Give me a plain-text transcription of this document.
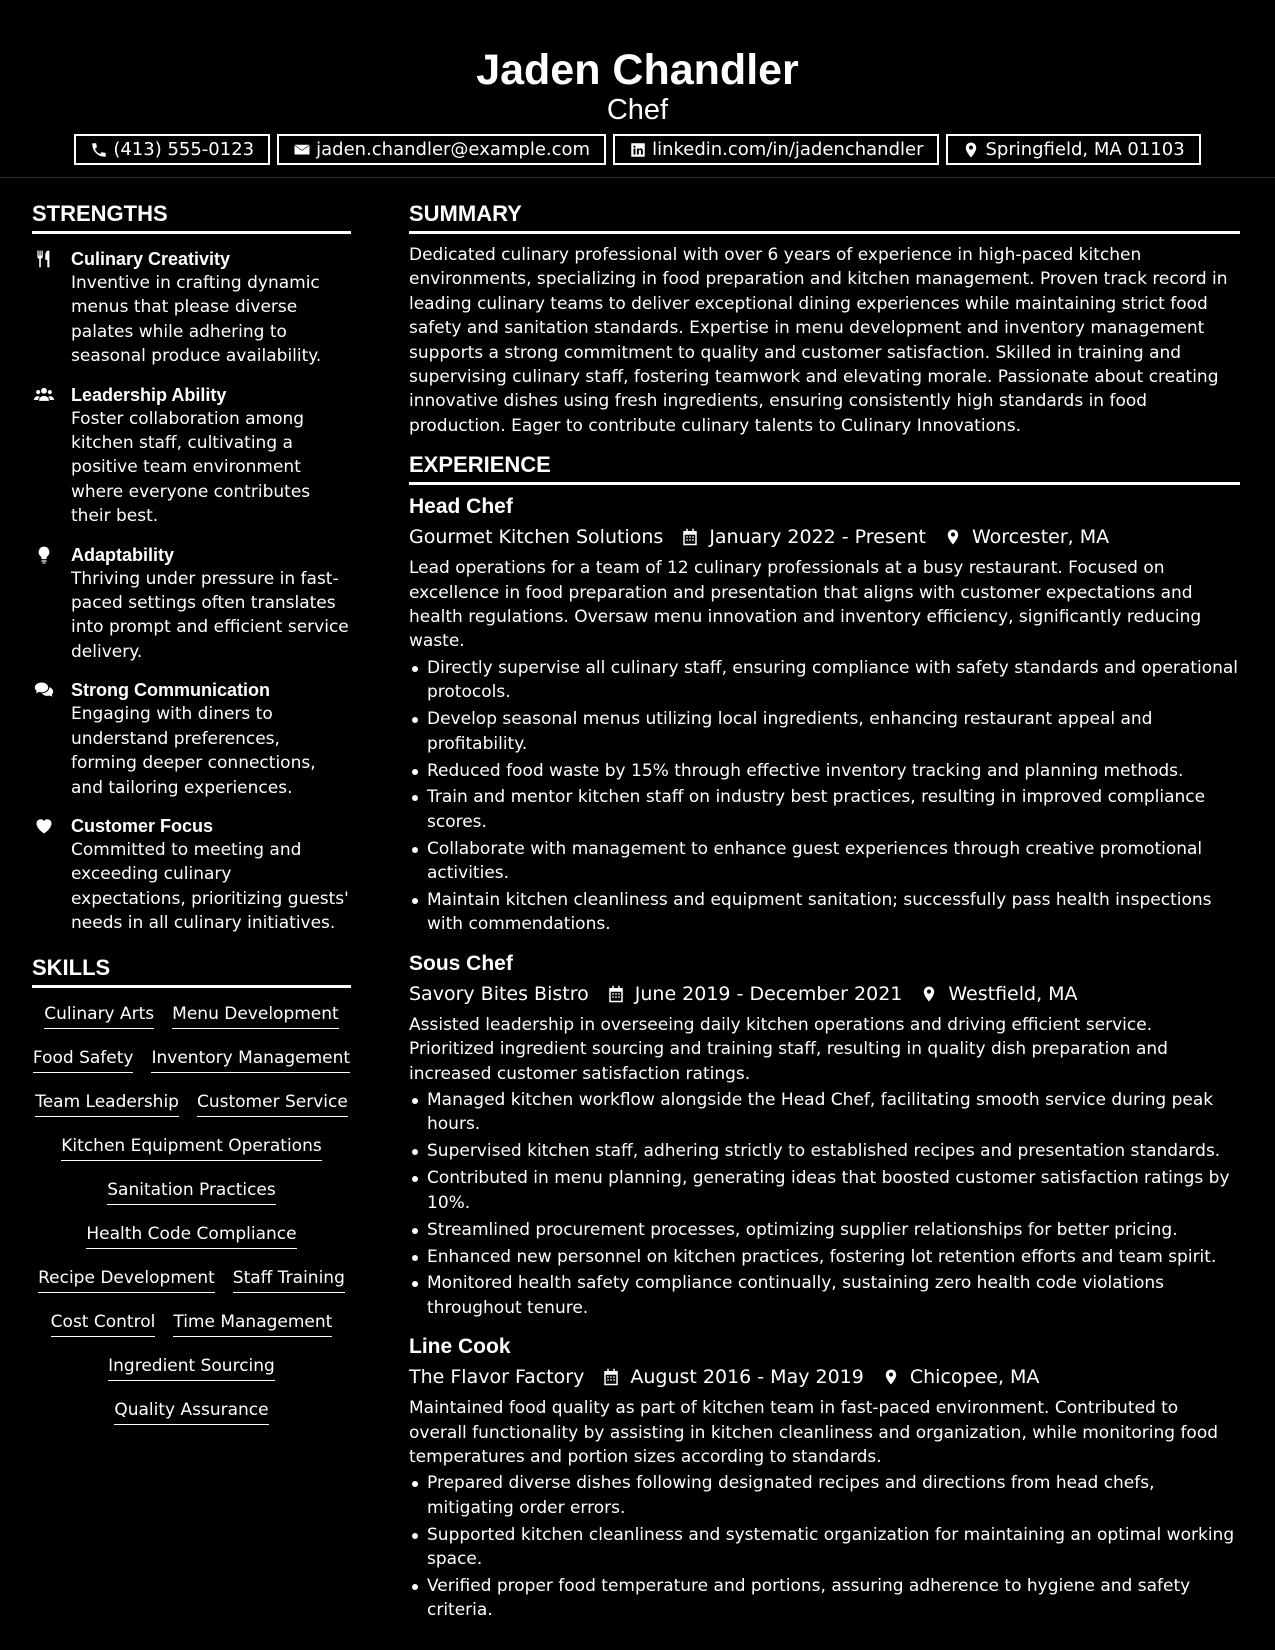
Jaden Chandler
Chef
(413) 555-0123	jaden.chandler@example.com	linkedin.com/in/jadenchandler	Springfield, MA 01103
STRENGTHS
Culinary Creativity
Inventive in crafting dynamic menus that please diverse palates while adhering to seasonal produce availability.
Leadership Ability
Foster collaboration among kitchen staff, cultivating a positive team environment where everyone contributes their best.
Adaptability
Thriving under pressure in fast-paced settings often translates into prompt and efficient service delivery.
Strong Communication
Engaging with diners to understand preferences, forming deeper connections, and tailoring experiences.
Customer Focus
Committed to meeting and exceeding culinary expectations, prioritizing guests' needs in all culinary initiatives.
SKILLS
Culinary Arts Menu Development
Food Safety Inventory Management
Team Leadership Customer Service
Kitchen Equipment Operations
Sanitation Practices
Health Code Compliance
Recipe Development Staff Training
Cost Control Time Management
Ingredient Sourcing
Quality Assurance
SUMMARY
Dedicated culinary professional with over 6 years of experience in high-paced kitchen environments, specializing in food preparation and kitchen management. Proven track record in leading culinary teams to deliver exceptional dining experiences while maintaining strict food safety and sanitation standards. Expertise in menu development and inventory management supports a strong commitment to quality and customer satisfaction. Skilled in training and supervising culinary staff, fostering teamwork and elevating morale. Passionate about creating innovative dishes using fresh ingredients, ensuring consistently high standards in food production. Eager to contribute culinary talents to Culinary Innovations.
EXPERIENCE
Head Chef
Gourmet Kitchen Solutions January 2022 - Present Worcester, MA
Lead operations for a team of 12 culinary professionals at a busy restaurant. Focused on excellence in food preparation and presentation that aligns with customer expectations and health regulations. Oversaw menu innovation and inventory efficiency, significantly reducing waste.
Directly supervise all culinary staff, ensuring compliance with safety standards and operational protocols.
Develop seasonal menus utilizing local ingredients, enhancing restaurant appeal and profitability.
Reduced food waste by 15% through effective inventory tracking and planning methods.
Train and mentor kitchen staff on industry best practices, resulting in improved compliance scores.
Collaborate with management to enhance guest experiences through creative promotional activities.
Maintain kitchen cleanliness and equipment sanitation; successfully pass health inspections with commendations.
Sous Chef
Savory Bites Bistro June 2019 - December 2021 Westfield, MA
Assisted leadership in overseeing daily kitchen operations and driving efficient service. Prioritized ingredient sourcing and training staff, resulting in quality dish preparation and increased customer satisfaction ratings.
Managed kitchen workflow alongside the Head Chef, facilitating smooth service during peak hours.
Supervised kitchen staff, adhering strictly to established recipes and presentation standards.
Contributed in menu planning, generating ideas that boosted customer satisfaction ratings by 10%.
Streamlined procurement processes, optimizing supplier relationships for better pricing.
Enhanced new personnel on kitchen practices, fostering lot retention efforts and team spirit.
Monitored health safety compliance continually, sustaining zero health code violations throughout tenure.
Line Cook
The Flavor Factory August 2016 - May 2019 Chicopee, MA
Maintained food quality as part of kitchen team in fast-paced environment. Contributed to overall functionality by assisting in kitchen cleanliness and organization, while monitoring food temperatures and portion sizes according to standards.
Prepared diverse dishes following designated recipes and directions from head chefs, mitigating order errors.
Supported kitchen cleanliness and systematic organization for maintaining an optimal working space.
Verified proper food temperature and portions, assuring adherence to hygiene and safety criteria.
